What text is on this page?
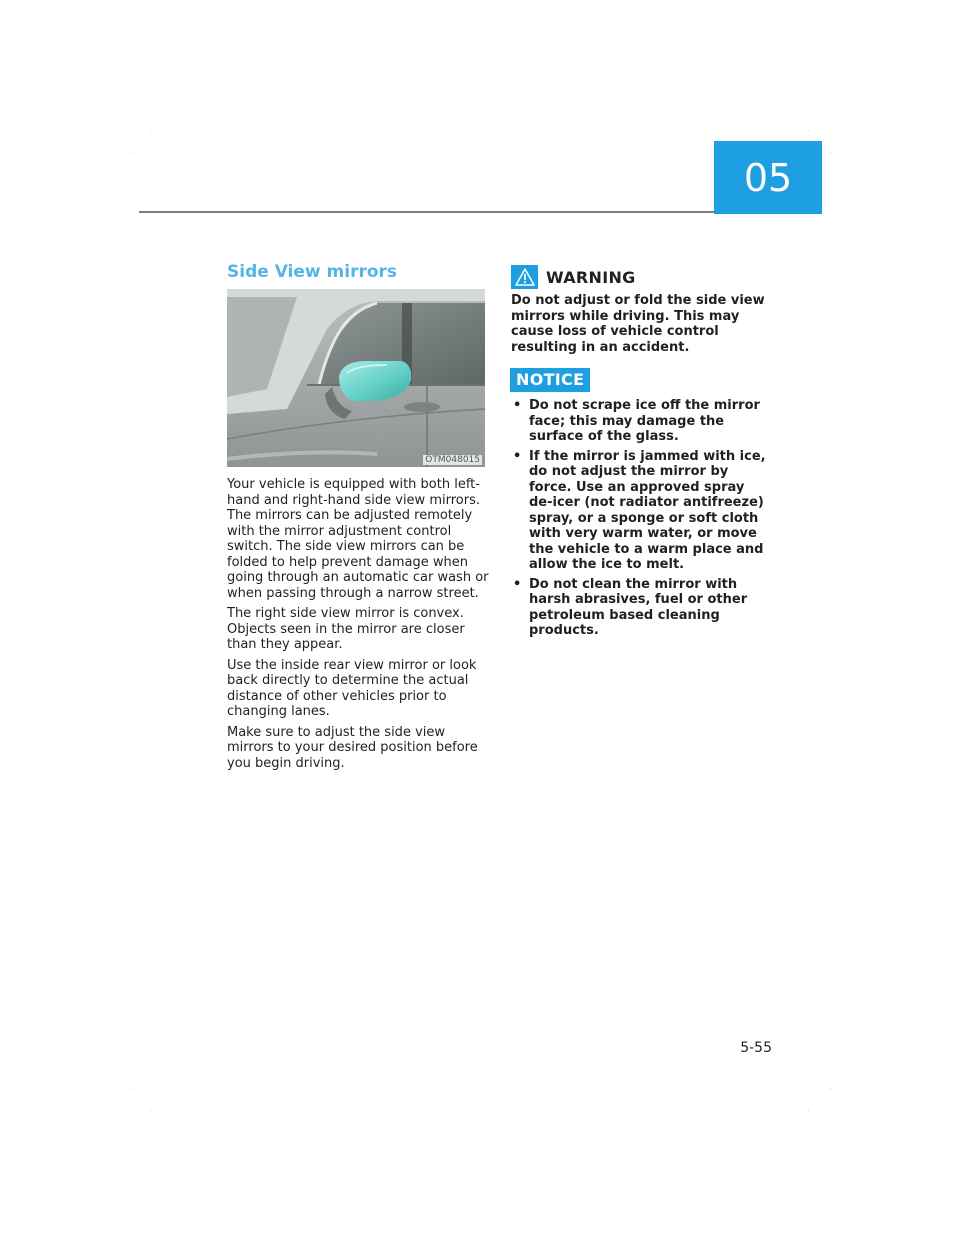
05
Side View mirrors
OTM048015

Your vehicle is equipped with both left-hand and right-hand side view mirrors. The mirrors can be adjusted remotely with the mirror adjustment control switch. The side view mirrors can be folded to help prevent damage when going through an automatic car wash or when passing through a narrow street.

The right side view mirror is convex. Objects seen in the mirror are closer than they appear.

Use the inside rear view mirror or look back directly to determine the actual distance of other vehicles prior to changing lanes.

Make sure to adjust the side view mirrors to your desired position before you begin driving.

WARNING

Do not adjust or fold the side view mirrors while driving. This may cause loss of vehicle control resulting in an accident.

NOTICE
• Do not scrape ice off the mirror face; this may damage the surface of the glass.
• If the mirror is jammed with ice, do not adjust the mirror by force. Use an approved spray de-icer (not radiator antifreeze) spray, or a sponge or soft cloth with very warm water, or move the vehicle to a warm place and allow the ice to melt.
• Do not clean the mirror with harsh abrasives, fuel or other petroleum based cleaning products.
5-55
